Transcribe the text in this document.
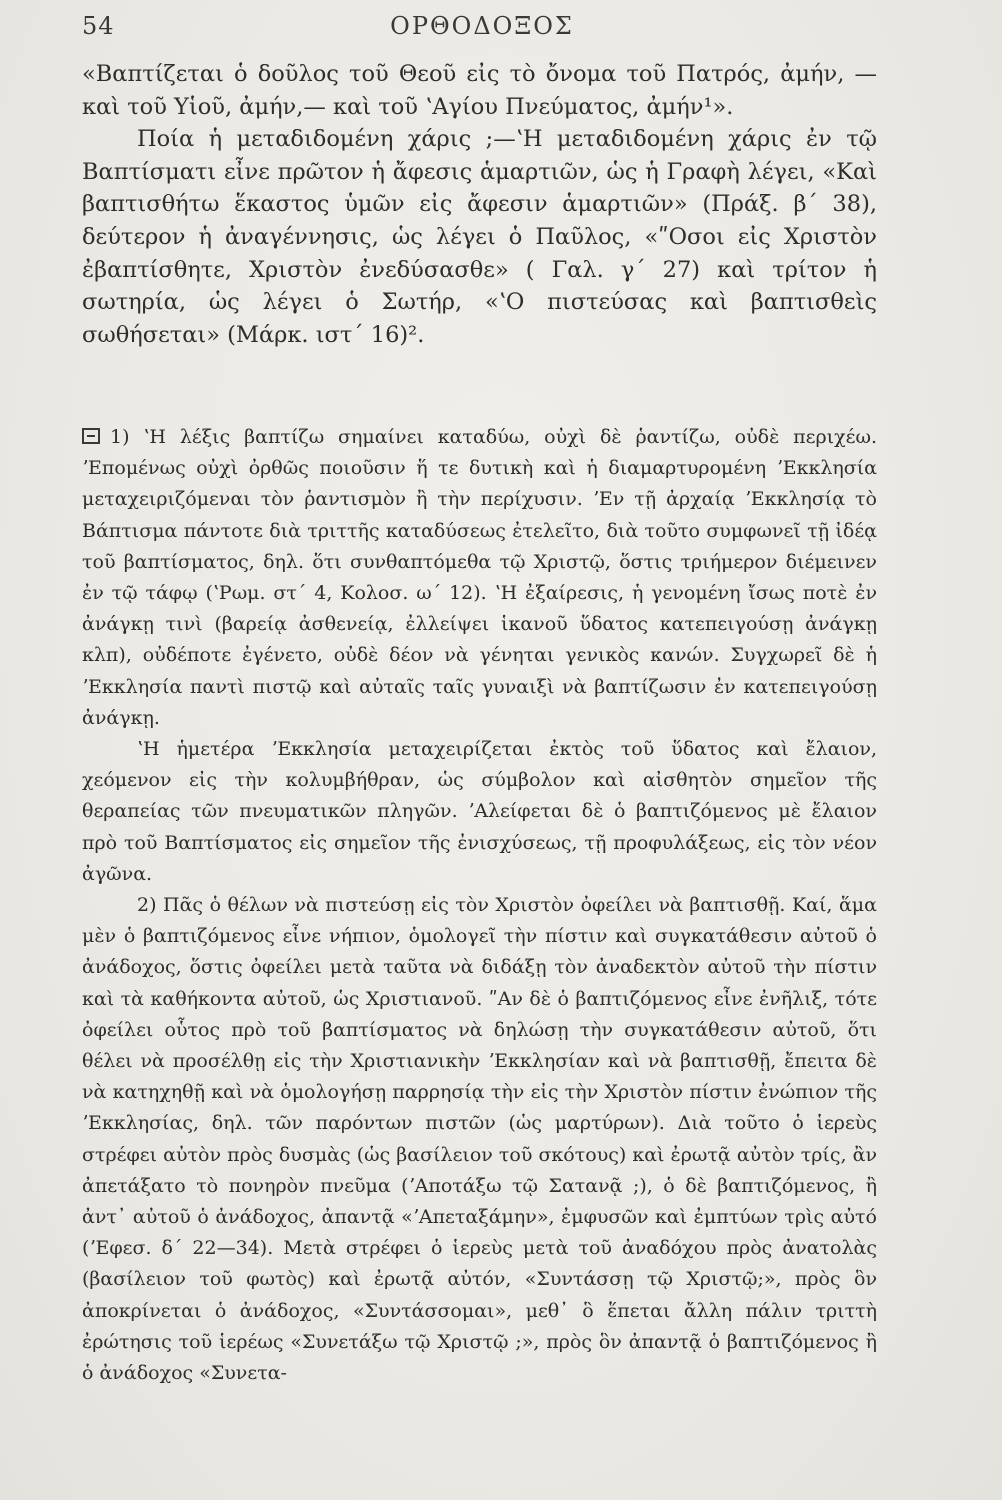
54	ΟΡΘΟΔΟΞΟΣ

«Βαπτίζεται ὁ δοῦλος τοῦ Θεοῦ εἰς τὸ ὄνομα τοῦ Πατρός, ἀμήν, —καὶ τοῦ Υἱοῦ, ἀμήν,— καὶ τοῦ ʽΑγίου Πνεύματος, ἀμήν¹».

Ποία ἡ μεταδιδομένη χάρις ;—ʽΗ μεταδιδομένη χάρις ἐν τῷ Βαπτίσματι εἶνε πρῶτον ἡ ἄφεσις ἁμαρτιῶν, ὡς ἡ Γραφὴ λέγει, «Καὶ βαπτισθήτω ἕκαστος ὑμῶν εἰς ἄφεσιν ἁμαρτιῶν» (Πράξ. β΄ 38), δεύτερον ἡ ἀναγέννησις, ὡς λέγει ὁ Παῦλος, «ʺΟσοι εἰς Χριστὸν ἐβαπτίσθητε, Χριστὸν ἐνεδύσασθε» ( Γαλ. γ΄ 27) καὶ τρίτον ἡ σωτηρία, ὡς λέγει ὁ Σωτήρ, «ʽΟ πιστεύσας καὶ βαπτισθεὶς σωθήσεται» (Μάρκ. ιστ΄ 16)².

1) ʽΗ λέξις βαπτίζω σημαίνει καταδύω, οὐχὶ δὲ ῥαντίζω, οὐδὲ περιχέω. ʼΕπομένως οὐχὶ ὀρθῶς ποιοῦσιν ἥ τε δυτικὴ καὶ ἡ διαμαρτυρομένη ʼΕκκλησία μεταχειριζόμεναι τὸν ῥαντισμὸν ἢ τὴν περίχυσιν. ʼΕν τῇ ἀρχαίᾳ ʼΕκκλησίᾳ τὸ Βάπτισμα πάντοτε διὰ τριττῆς καταδύσεως ἐτελεῖτο, διὰ τοῦτο συμφωνεῖ τῇ ἰδέᾳ τοῦ βαπτίσματος, δηλ. ὅτι συνθαπτόμεθα τῷ Χριστῷ, ὅστις τριήμερον διέμεινεν ἐν τῷ τάφῳ (ʽΡωμ. στ΄ 4, Κολοσ. ω΄ 12). ʽΗ ἐξαίρεσις, ἡ γενομένη ἴσως ποτὲ ἐν ἀνάγκῃ τινὶ (βαρείᾳ ἀσθενείᾳ, ἐλλείψει ἱκανοῦ ὕδατος κατεπειγούσῃ ἀνάγκῃ κλπ), οὐδέποτε ἐγένετο, οὐδὲ δέον νὰ γένηται γενικὸς κανών. Συγχωρεῖ δὲ ἡ ʼΕκκλησία παντὶ πιστῷ καὶ αὐταῖς ταῖς γυναιξὶ νὰ βαπτίζωσιν ἐν κατεπειγούσῃ ἀνάγκῃ.

ʽΗ ἡμετέρα ʼΕκκλησία μεταχειρίζεται ἐκτὸς τοῦ ὕδατος καὶ ἔλαιον, χεόμενον εἰς τὴν κολυμβήθραν, ὡς σύμβολον καὶ αἰσθητὸν σημεῖον τῆς θεραπείας τῶν πνευματικῶν πληγῶν. ʼΑλείφεται δὲ ὁ βαπτιζόμενος μὲ ἔλαιον πρὸ τοῦ Βαπτίσματος εἰς σημεῖον τῆς ἐνισχύσεως, τῇ προφυλάξεως, εἰς τὸν νέον ἀγῶνα.

2) Πᾶς ὁ θέλων νὰ πιστεύσῃ εἰς τὸν Χριστὸν ὀφείλει νὰ βαπτισθῇ. Καί, ἅμα μὲν ὁ βαπτιζόμενος εἶνε νήπιον, ὁμολογεῖ τὴν πίστιν καὶ συγκατάθεσιν αὐτοῦ ὁ ἀνάδοχος, ὅστις ὀφείλει μετὰ ταῦτα νὰ διδάξῃ τὸν ἀναδεκτὸν αὐτοῦ τὴν πίστιν καὶ τὰ καθήκοντα αὐτοῦ, ὡς Χριστιανοῦ. ʺΑν δὲ ὁ βαπτιζόμενος εἶνε ἐνῆλιξ, τότε ὀφείλει οὗτος πρὸ τοῦ βαπτίσματος νὰ δηλώσῃ τὴν συγκατάθεσιν αὐτοῦ, ὅτι θέλει νὰ προσέλθῃ εἰς τὴν Χριστιανικὴν ʼΕκκλησίαν καὶ νὰ βαπτισθῇ, ἔπειτα δὲ νὰ κατηχηθῇ καὶ νὰ ὁμολογήσῃ παρρησίᾳ τὴν εἰς τὴν Χριστὸν πίστιν ἐνώπιον τῆς ʼΕκκλησίας, δηλ. τῶν παρόντων πιστῶν (ὡς μαρτύρων). Διὰ τοῦτο ὁ ἱερεὺς στρέφει αὐτὸν πρὸς δυσμὰς (ὡς βασίλειον τοῦ σκότους) καὶ ἐρωτᾷ αὐτὸν τρίς, ἂν ἀπετάξατο τὸ πονηρὸν πνεῦμα (ʼΑποτάξω τῷ Σατανᾷ ;), ὁ δὲ βαπτιζόμενος, ἢ ἀντ᾽ αὐτοῦ ὁ ἀνάδοχος, ἀπαντᾷ «ʼΑπεταξάμην», ἐμφυσῶν καὶ ἐμπτύων τρὶς αὐτό (ʼΕφεσ. δ΄ 22—34). Μετὰ στρέφει ὁ ἱερεὺς μετὰ τοῦ ἀναδόχου πρὸς ἀνατολὰς (βασίλειον τοῦ φωτὸς) καὶ ἐρωτᾷ αὐτόν, «Συντάσσῃ τῷ Χριστῷ;», πρὸς ὃν ἀποκρίνεται ὁ ἀνάδοχος, «Συντάσσομαι», μεθ᾽ ὃ ἕπεται ἄλλη πάλιν τριττὴ ἐρώτησις τοῦ ἱερέως «Συνετάξω τῷ Χριστῷ ;», πρὸς ὃν ἀπαντᾷ ὁ βαπτιζόμενος ἢ ὁ ἀνάδοχος «Συνετα-
